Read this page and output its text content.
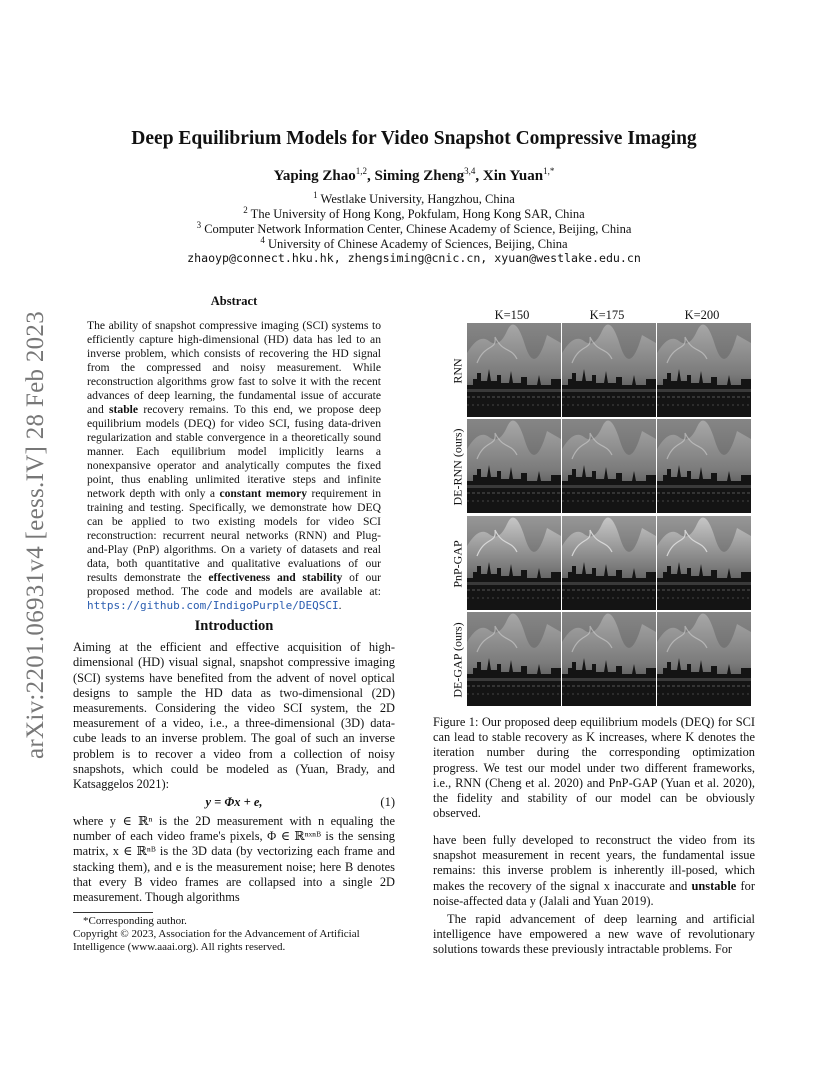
arXiv:2201.06931v4 [eess.IV] 28 Feb 2023
Deep Equilibrium Models for Video Snapshot Compressive Imaging
Yaping Zhao$^{1,2}$, Siming Zheng$^{3,4}$, Xin Yuan$^{1,*}$
$^1$ Westlake University, Hangzhou, China
$^2$ The University of Hong Kong, Pokfulam, Hong Kong SAR, China
$^3$ Computer Network Information Center, Chinese Academy of Science, Beijing, China
$^4$ University of Chinese Academy of Sciences, Beijing, China
zhaoyp@connect.hku.hk, zhengsiming@cnic.cn, xyuan@westlake.edu.cn
Abstract

The ability of snapshot compressive imaging (SCI) systems to efficiently capture high-dimensional (HD) data has led to an inverse problem, which consists of recovering the HD signal from the compressed and noisy measurement. While reconstruction algorithms grow fast to solve it with the recent advances of deep learning, the fundamental issue of accurate and stable recovery remains. To this end, we propose deep equilibrium models (DEQ) for video SCI, fusing data-driven regularization and stable convergence in a theoretically sound manner. Each equilibrium model implicitly learns a nonexpansive operator and analytically computes the fixed point, thus enabling unlimited iterative steps and infinite network depth with only a constant memory requirement in training and testing. Specifically, we demonstrate how DEQ can be applied to two existing models for video SCI reconstruction: recurrent neural networks (RNN) and Plug-and-Play (PnP) algorithms. On a variety of datasets and real data, both quantitative and qualitative evaluations of our results demonstrate the effectiveness and stability of our proposed method. The code and models are available at: https://github.com/IndigoPurple/DEQSCI.

Introduction

Aiming at the efficient and effective acquisition of high-dimensional (HD) visual signal, snapshot compressive imaging (SCI) systems have benefited from the advent of novel optical designs to sample the HD data as two-dimensional (2D) measurements. Considering the video SCI system, the 2D measurement of a video, i.e., a three-dimensional (3D) data-cube leads to an inverse problem. The goal of such an inverse problem is to recover a video from a collection of noisy snapshots, which could be modeled as (Yuan, Brady, and Katsaggelos 2021):

y = Φx + e,	(1)

where y ∈ ℝⁿ is the 2D measurement with n equaling the number of each video frame's pixels, Φ ∈ ℝⁿˣⁿᴮ is the sensing matrix, x ∈ ℝⁿᴮ is the 3D data (by vectorizing each frame and stacking them), and e is the measurement noise; here B denotes that every B video frames are collapsed into a single 2D measurement. Though algorithms

*Corresponding author.
Copyright © 2023, Association for the Advancement of Artificial Intelligence (www.aaai.org). All rights reserved.
K=150	K=175	K=200
RNN
DE-RNN (ours)
PnP-GAP
DE-GAP (ours)

Figure 1: Our proposed deep equilibrium models (DEQ) for SCI can lead to stable recovery as K increases, where K denotes the iteration number during the corresponding optimization progress. We test our model under two different frameworks, i.e., RNN (Cheng et al. 2020) and PnP-GAP (Yuan et al. 2020), the fidelity and stability of our model can be obviously observed.

have been fully developed to reconstruct the video from its snapshot measurement in recent years, the fundamental issue remains: this inverse problem is inherently ill-posed, which makes the recovery of the signal x inaccurate and unstable for noise-affected data y (Jalali and Yuan 2019).

The rapid advancement of deep learning and artificial intelligence have empowered a new wave of revolutionary solutions towards these previously intractable problems. For
